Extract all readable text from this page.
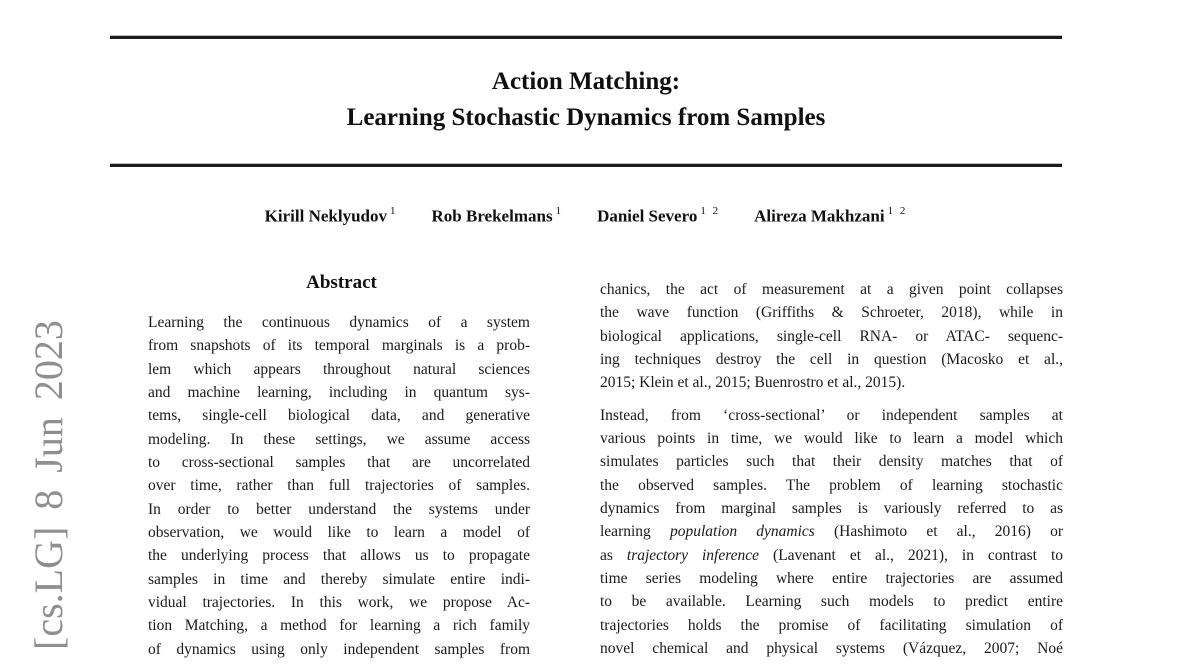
[cs.LG] 8 Jun 2023
Action Matching:
Learning Stochastic Dynamics from Samples
Kirill Neklyudov $^1$ Rob Brekelmans $^1$ Daniel Severo $^{1 2}$ Alireza Makhzani $^{1 2}$
Abstract
Learning the continuous dynamics of a system
from snapshots of its temporal marginals is a prob-
lem which appears throughout natural sciences
and machine learning, including in quantum sys-
tems, single-cell biological data, and generative
modeling. In these settings, we assume access
to cross-sectional samples that are uncorrelated
over time, rather than full trajectories of samples.
In order to better understand the systems under
observation, we would like to learn a model of
the underlying process that allows us to propagate
samples in time and thereby simulate entire indi-
vidual trajectories. In this work, we propose Ac-
tion Matching, a method for learning a rich family
of dynamics using only independent samples from
chanics, the act of measurement at a given point collapses
the wave function (Griffiths & Schroeter, 2018), while in
biological applications, single-cell RNA- or ATAC- sequenc-
ing techniques destroy the cell in question (Macosko et al.,
2015; Klein et al., 2015; Buenrostro et al., 2015).
Instead, from ‘cross-sectional’ or independent samples at
various points in time, we would like to learn a model which
simulates particles such that their density matches that of
the observed samples. The problem of learning stochastic
dynamics from marginal samples is variously referred to as
learning population dynamics (Hashimoto et al., 2016) or
as trajectory inference (Lavenant et al., 2021), in contrast to
time series modeling where entire trajectories are assumed
to be available. Learning such models to predict entire
trajectories holds the promise of facilitating simulation of
novel chemical and physical systems (Vázquez, 2007; Noé
